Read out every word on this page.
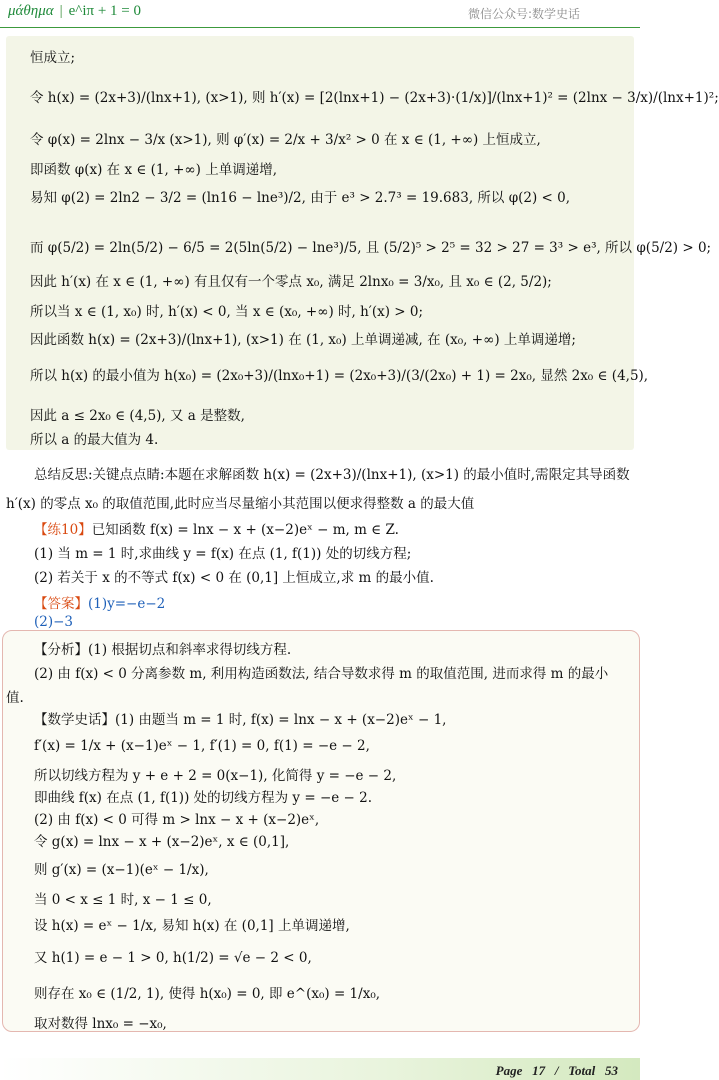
μάθημα | e^iπ + 1 = 0	微信公众号:数学史话
恒成立;
令 h(x) = (2x+3)/(lnx+1), (x>1), 则 h′(x) = [2(lnx+1) − (2x+3)·(1/x)]/(lnx+1)² = (2lnx − 3/x)/(lnx+1)²;
令 φ(x) = 2lnx − 3/x (x>1), 则 φ′(x) = 2/x + 3/x² > 0 在 x ∈ (1, +∞) 上恒成立,
即函数 φ(x) 在 x ∈ (1, +∞) 上单调递增,
易知 φ(2) = 2ln2 − 3/2 = (ln16 − lne³)/2, 由于 e³ > 2.7³ = 19.683, 所以 φ(2) < 0,
而 φ(5/2) = 2ln(5/2) − 6/5 = 2(5ln(5/2) − lne³)/5, 且 (5/2)⁵ > 2⁵ = 32 > 27 = 3³ > e³, 所以 φ(5/2) > 0;
因此 h′(x) 在 x ∈ (1, +∞) 有且仅有一个零点 x₀, 满足 2lnx₀ = 3/x₀, 且 x₀ ∈ (2, 5/2);
所以当 x ∈ (1, x₀) 时, h′(x) < 0, 当 x ∈ (x₀, +∞) 时, h′(x) > 0;
因此函数 h(x) = (2x+3)/(lnx+1), (x>1) 在 (1, x₀) 上单调递减, 在 (x₀, +∞) 上单调递增;
所以 h(x) 的最小值为 h(x₀) = (2x₀+3)/(lnx₀+1) = (2x₀+3)/(3/(2x₀) + 1) = 2x₀, 显然 2x₀ ∈ (4,5),
因此 a ≤ 2x₀ ∈ (4,5), 又 a 是整数,
所以 a 的最大值为 4.
总结反思:关键点点睛:本题在求解函数 h(x) = (2x+3)/(lnx+1), (x>1) 的最小值时,需限定其导函数
h′(x) 的零点 x₀ 的取值范围,此时应当尽量缩小其范围以便求得整数 a 的最大值
【练10】已知函数 f(x) = lnx − x + (x−2)eˣ − m, m ∈ Z.
(1) 当 m = 1 时,求曲线 y = f(x) 在点 (1, f(1)) 处的切线方程;
(2) 若关于 x 的不等式 f(x) < 0 在 (0,1] 上恒成立,求 m 的最小值.
【答案】(1)y=−e−2
(2)−3
【分析】(1) 根据切点和斜率求得切线方程.
(2) 由 f(x) < 0 分离参数 m, 利用构造函数法, 结合导数求得 m 的取值范围, 进而求得 m 的最小
值.
【数学史话】(1) 由题当 m = 1 时, f(x) = lnx − x + (x−2)eˣ − 1,
f′(x) = 1/x + (x−1)eˣ − 1, f′(1) = 0, f(1) = −e − 2,
所以切线方程为 y + e + 2 = 0(x−1), 化简得 y = −e − 2,
即曲线 f(x) 在点 (1, f(1)) 处的切线方程为 y = −e − 2.
(2) 由 f(x) < 0 可得 m > lnx − x + (x−2)eˣ,
令 g(x) = lnx − x + (x−2)eˣ, x ∈ (0,1],
则 g′(x) = (x−1)(eˣ − 1/x),
当 0 < x ≤ 1 时, x − 1 ≤ 0,
设 h(x) = eˣ − 1/x, 易知 h(x) 在 (0,1] 上单调递增,
又 h(1) = e − 1 > 0, h(1/2) = √e − 2 < 0,
则存在 x₀ ∈ (1/2, 1), 使得 h(x₀) = 0, 即 e^(x₀) = 1/x₀,
取对数得 lnx₀ = −x₀,
Page 17 / Total 53
